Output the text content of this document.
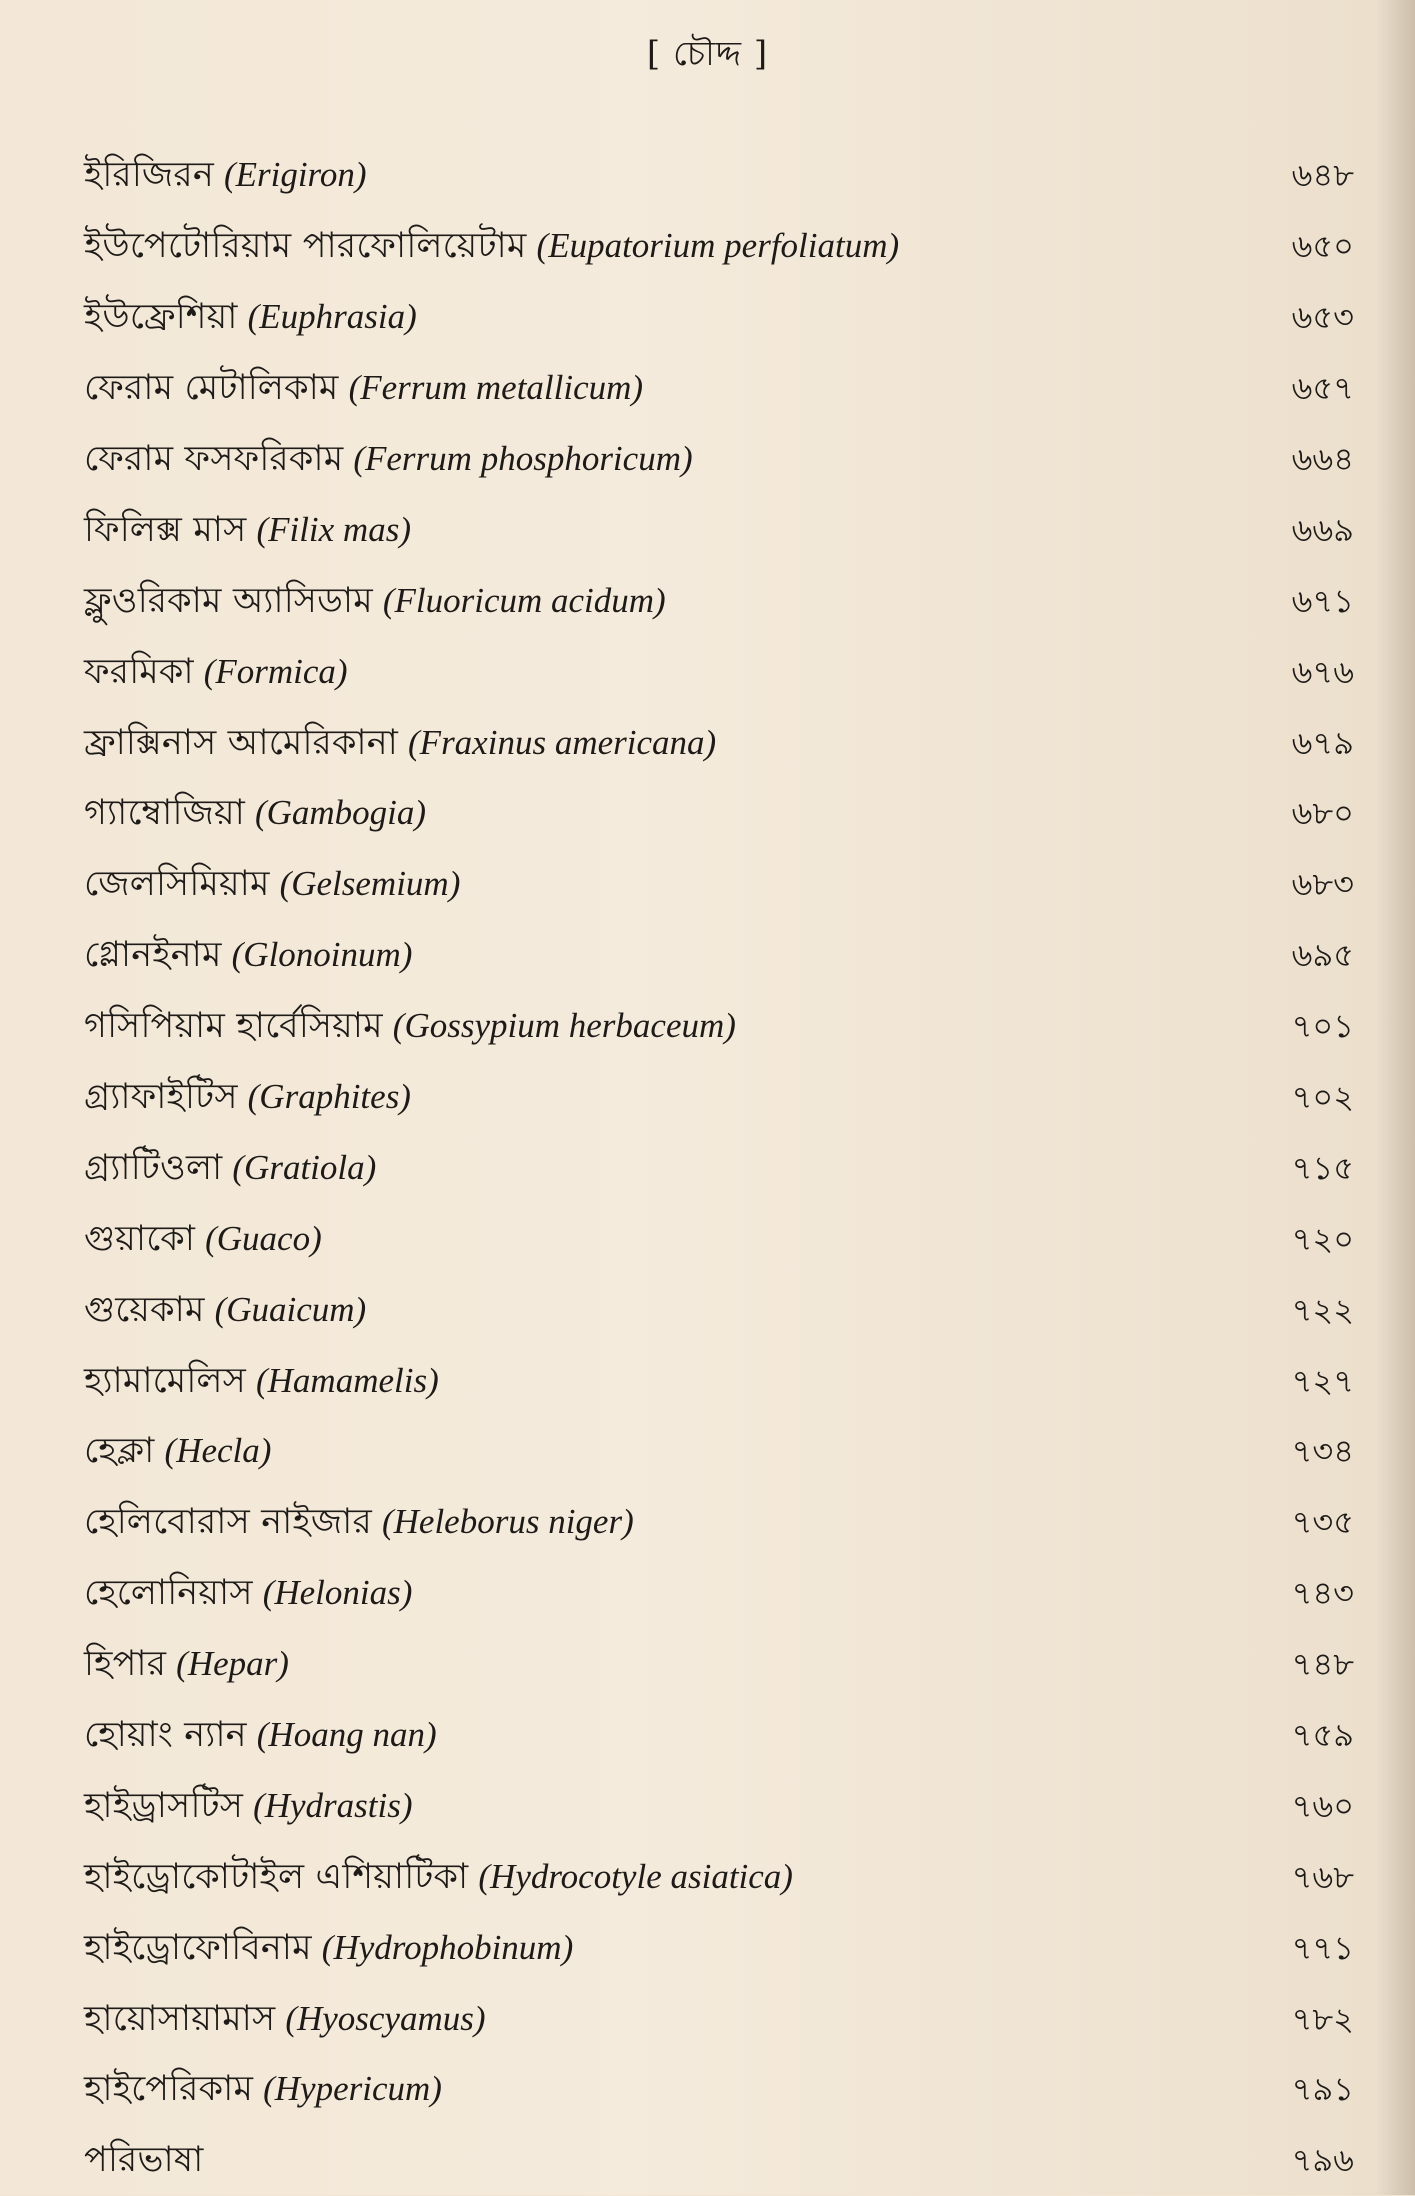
[ চৌদ্দ ]
ইরিজিরন (Erigiron)	৬৪৮
ইউপেটোরিয়াম পারফোলিয়েটাম (Eupatorium perfoliatum)	৬৫০
ইউফ্রেশিয়া (Euphrasia)	৬৫৩
ফেরাম মেটালিকাম (Ferrum metallicum)	৬৫৭
ফেরাম ফসফরিকাম (Ferrum phosphoricum)	৬৬৪
ফিলিক্স মাস (Filix mas)	৬৬৯
ফ্লুওরিকাম অ্যাসিডাম (Fluoricum acidum)	৬৭১
ফরমিকা (Formica)	৬৭৬
ফ্রাক্সিনাস আমেরিকানা (Fraxinus americana)	৬৭৯
গ্যাম্বোজিয়া (Gambogia)	৬৮০
জেলসিমিয়াম (Gelsemium)	৬৮৩
গ্লোনইনাম (Glonoinum)	৬৯৫
গসিপিয়াম হার্বেসিয়াম (Gossypium herbaceum)	৭০১
গ্র্যাফাইটিস (Graphites)	৭০২
গ্র্যাটিওলা (Gratiola)	৭১৫
গুয়াকো (Guaco)	৭২০
গুয়েকাম (Guaicum)	৭২২
হ্যামামেলিস (Hamamelis)	৭২৭
হেক্লা (Hecla)	৭৩৪
হেলিবোরাস নাইজার (Heleborus niger)	৭৩৫
হেলোনিয়াস (Helonias)	৭৪৩
হিপার (Hepar)	৭৪৮
হোয়াং ন্যান (Hoang nan)	৭৫৯
হাইড্রাসটিস (Hydrastis)	৭৬০
হাইড্রোকোটাইল এশিয়াটিকা (Hydrocotyle asiatica)	৭৬৮
হাইড্রোফোবিনাম (Hydrophobinum)	৭৭১
হায়োসায়ামাস (Hyoscyamus)	৭৮২
হাইপেরিকাম (Hypericum)	৭৯১
পরিভাষা	৭৯৬
